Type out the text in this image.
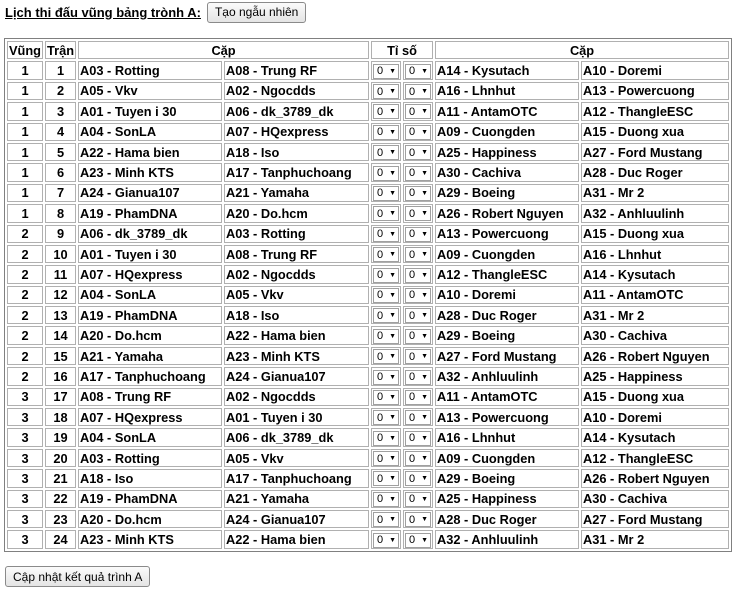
Lịch thi đấu vũng bảng trònh A:	Tạo ngẫu nhiên
Vũng	Trận	Cặp		Tỉ số		Cặp	
1	1	A03 - Rotting	A08 - Trung RF	0 ▼	0 ▼	A14 - Kysutach	A10 - Doremi
1	2	A05 - Vkv	A02 - Ngocdds	0 ▼	0 ▼	A16 - Lhnhut	A13 - Powercuong
1	3	A01 - Tuyen i 30	A06 - dk_3789_dk	0 ▼	0 ▼	A11 - AntamOTC	A12 - ThangleESC
1	4	A04 - SonLA	A07 - HQexpress	0 ▼	0 ▼	A09 - Cuongden	A15 - Duong xua
1	5	A22 - Hama bien	A18 - Iso	0 ▼	0 ▼	A25 - Happiness	A27 - Ford Mustang
1	6	A23 - Minh KTS	A17 - Tanphuchoang	0 ▼	0 ▼	A30 - Cachiva	A28 - Duc Roger
1	7	A24 - Gianua107	A21 - Yamaha	0 ▼	0 ▼	A29 - Boeing	A31 - Mr 2
1	8	A19 - PhamDNA	A20 - Do.hcm	0 ▼	0 ▼	A26 - Robert Nguyen	A32 - Anhluulinh
2	9	A06 - dk_3789_dk	A03 - Rotting	0 ▼	0 ▼	A13 - Powercuong	A15 - Duong xua
2	10	A01 - Tuyen i 30	A08 - Trung RF	0 ▼	0 ▼	A09 - Cuongden	A16 - Lhnhut
2	11	A07 - HQexpress	A02 - Ngocdds	0 ▼	0 ▼	A12 - ThangleESC	A14 - Kysutach
2	12	A04 - SonLA	A05 - Vkv	0 ▼	0 ▼	A10 - Doremi	A11 - AntamOTC
2	13	A19 - PhamDNA	A18 - Iso	0 ▼	0 ▼	A28 - Duc Roger	A31 - Mr 2
2	14	A20 - Do.hcm	A22 - Hama bien	0 ▼	0 ▼	A29 - Boeing	A30 - Cachiva
2	15	A21 - Yamaha	A23 - Minh KTS	0 ▼	0 ▼	A27 - Ford Mustang	A26 - Robert Nguyen
2	16	A17 - Tanphuchoang	A24 - Gianua107	0 ▼	0 ▼	A32 - Anhluulinh	A25 - Happiness
3	17	A08 - Trung RF	A02 - Ngocdds	0 ▼	0 ▼	A11 - AntamOTC	A15 - Duong xua
3	18	A07 - HQexpress	A01 - Tuyen i 30	0 ▼	0 ▼	A13 - Powercuong	A10 - Doremi
3	19	A04 - SonLA	A06 - dk_3789_dk	0 ▼	0 ▼	A16 - Lhnhut	A14 - Kysutach
3	20	A03 - Rotting	A05 - Vkv	0 ▼	0 ▼	A09 - Cuongden	A12 - ThangleESC
3	21	A18 - Iso	A17 - Tanphuchoang	0 ▼	0 ▼	A29 - Boeing	A26 - Robert Nguyen
3	22	A19 - PhamDNA	A21 - Yamaha	0 ▼	0 ▼	A25 - Happiness	A30 - Cachiva
3	23	A20 - Do.hcm	A24 - Gianua107	0 ▼	0 ▼	A28 - Duc Roger	A27 - Ford Mustang
3	24	A23 - Minh KTS	A22 - Hama bien	0 ▼	0 ▼	A32 - Anhluulinh	A31 - Mr 2
Cập nhật kết quả trình A
